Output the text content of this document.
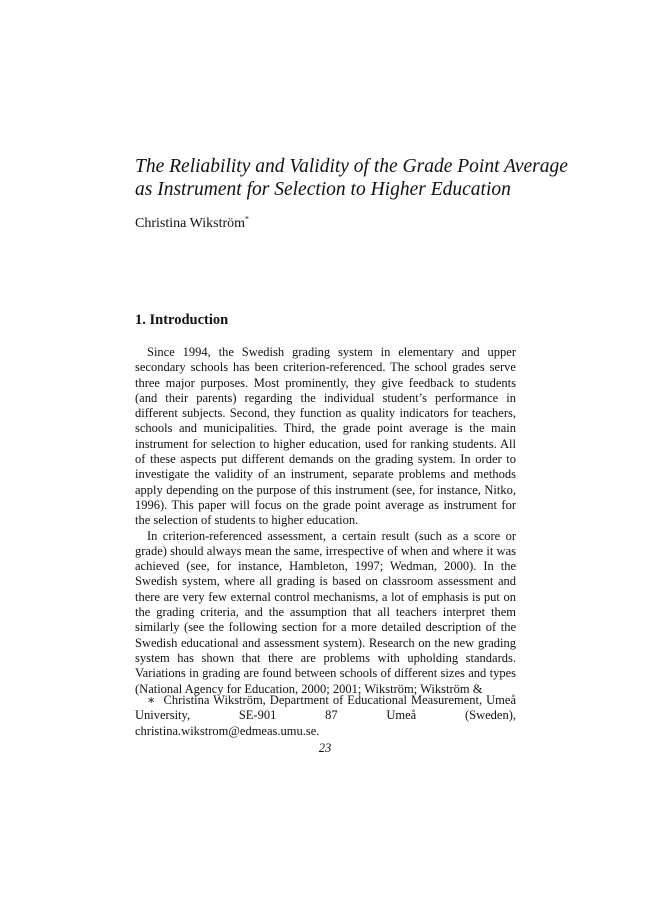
The Reliability and Validity of the Grade Point Average
as Instrument for Selection to Higher Education
Christina Wikström*
1. Introduction

Since 1994, the Swedish grading system in elementary and upper secondary schools has been criterion-referenced. The school grades serve three major purposes. Most prominently, they give feedback to students (and their parents) regarding the individual student’s performance in different subjects. Second, they function as quality indicators for teachers, schools and municipalities. Third, the grade point average is the main instrument for selection to higher education, used for ranking students. All of these aspects put different demands on the grading system. In order to investigate the validity of an instrument, separate problems and methods apply depending on the purpose of this instrument (see, for instance, Nitko, 1996). This paper will focus on the grade point average as instrument for the selection of students to higher education.

In criterion-referenced assessment, a certain result (such as a score or grade) should always mean the same, irrespective of when and where it was achieved (see, for instance, Hambleton, 1997; Wedman, 2000). In the Swedish system, where all grading is based on classroom assessment and there are very few external control mechanisms, a lot of emphasis is put on the grading criteria, and the assumption that all teachers interpret them similarly (see the following section for a more detailed description of the Swedish educational and assessment system). Research on the new grading system has shown that there are problems with upholding standards. Variations in grading are found between schools of different sizes and types (National Agency for Education, 2000; 2001; Wikström; Wikström &

∗ Christina Wikström, Department of Educational Measurement, Umeå University, SE-901 87 Umeå (Sweden), christina.wikstrom@edmeas.umu.se.
23
